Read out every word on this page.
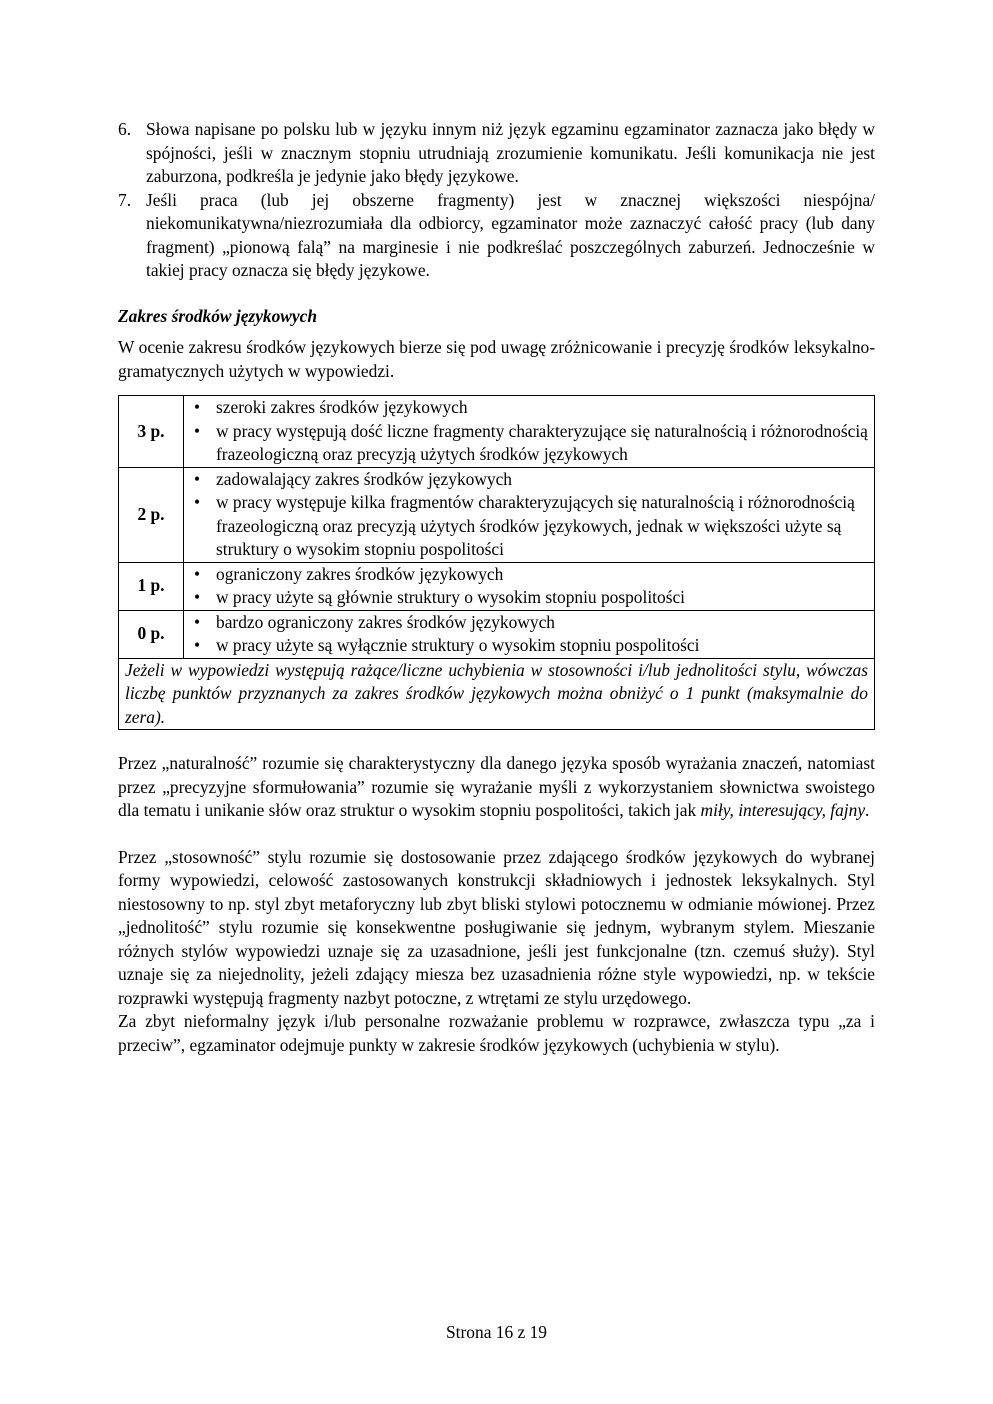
6. Słowa napisane po polsku lub w języku innym niż język egzaminu egzaminator zaznacza jako błędy w spójności, jeśli w znacznym stopniu utrudniają zrozumienie komunikatu. Jeśli komunikacja nie jest zaburzona, podkreśla je jedynie jako błędy językowe.
7. Jeśli praca (lub jej obszerne fragmenty) jest w znacznej większości niespójna/ niekomunikatywna/niezrozumiała dla odbiorcy, egzaminator może zaznaczyć całość pracy (lub dany fragment) „pionową falą” na marginesie i nie podkreślać poszczególnych zaburzeń. Jednocześnie w takiej pracy oznacza się błędy językowe.
Zakres środków językowych
W ocenie zakresu środków językowych bierze się pod uwagę zróżnicowanie i precyzję środków leksykalno-gramatycznych użytych w wypowiedzi.
3 p.	• szeroki zakres środków językowych
• w pracy występują dość liczne fragmenty charakteryzujące się naturalnością i różnorodnością frazeologiczną oraz precyzją użytych środków językowych

2 p.	• zadowalający zakres środków językowych
• w pracy występuje kilka fragmentów charakteryzujących się naturalnością i różnorodnością frazeologiczną oraz precyzją użytych środków językowych, jednak w większości użyte są struktury o wysokim stopniu pospolitości

1 p.	• ograniczony zakres środków językowych
• w pracy użyte są głównie struktury o wysokim stopniu pospolitości

0 p.	• bardzo ograniczony zakres środków językowych
• w pracy użyte są wyłącznie struktury o wysokim stopniu pospolitości

Jeżeli w wypowiedzi występują rażące/liczne uchybienia w stosowności i/lub jednolitości stylu, wówczas liczbę punktów przyznanych za zakres środków językowych można obniżyć o 1 punkt (maksymalnie do zera).	
Przez „naturalność” rozumie się charakterystyczny dla danego języka sposób wyrażania znaczeń, natomiast przez „precyzyjne sformułowania” rozumie się wyrażanie myśli z wykorzystaniem słownictwa swoistego dla tematu i unikanie słów oraz struktur o wysokim stopniu pospolitości, takich jak miły, interesujący, fajny.
Przez „stosowność” stylu rozumie się dostosowanie przez zdającego środków językowych do wybranej formy wypowiedzi, celowość zastosowanych konstrukcji składniowych i jednostek leksykalnych. Styl niestosowny to np. styl zbyt metaforyczny lub zbyt bliski stylowi potocznemu w odmianie mówionej. Przez „jednolitość” stylu rozumie się konsekwentne posługiwanie się jednym, wybranym stylem. Mieszanie różnych stylów wypowiedzi uznaje się za uzasadnione, jeśli jest funkcjonalne (tzn. czemuś służy). Styl uznaje się za niejednolity, jeżeli zdający miesza bez uzasadnienia różne style wypowiedzi, np. w tekście rozprawki występują fragmenty nazbyt potoczne, z wtrętami ze stylu urzędowego.
Za zbyt nieformalny język i/lub personalne rozważanie problemu w rozprawce, zwłaszcza typu „za i przeciw”, egzaminator odejmuje punkty w zakresie środków językowych (uchybienia w stylu).
Strona 16 z 19
